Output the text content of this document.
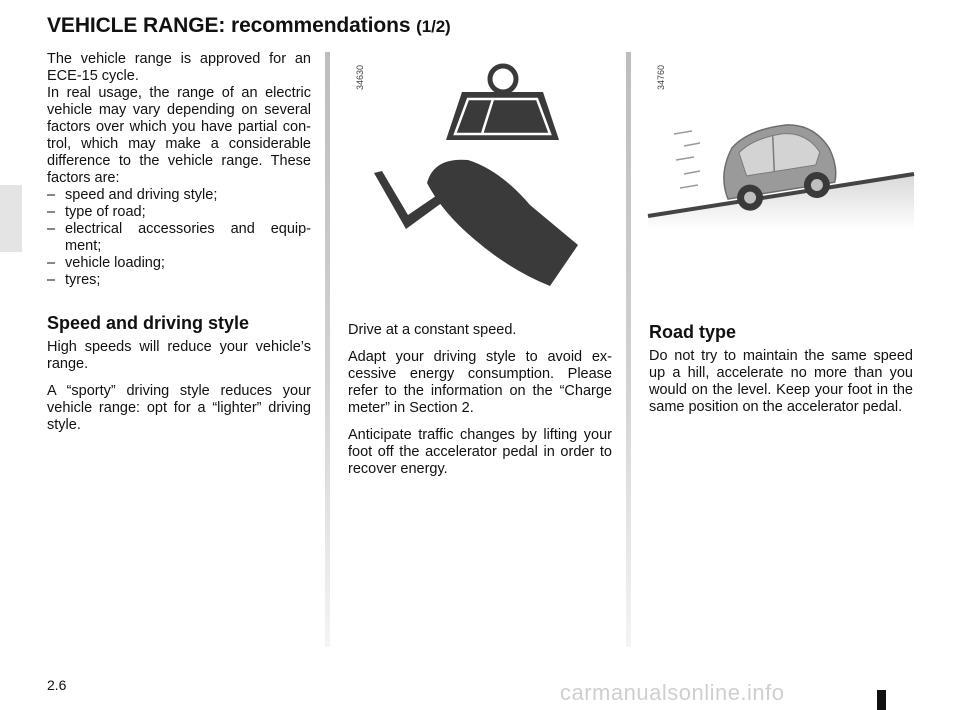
VEHICLE RANGE: recommendations (1/2)

The vehicle range is approved for an ECE-15 cycle.

In real usage, the range of an electric vehicle may vary depending on several factors over which you have partial con-trol, which may make a considerable difference to the vehicle range. These factors are:

– speed and driving style;
– type of road;
– electrical accessories and equip-ment;
– vehicle loading;
– tyres;
Speed and driving style

High speeds will reduce your vehicle’s range.

A “sporty” driving style reduces your vehicle range: opt for a “lighter” driving style.

34630
Kg

Drive at a constant speed.

Adapt your driving style to avoid ex-cessive energy consumption. Please refer to the information on the “Charge meter” in Section 2.

Anticipate traffic changes by lifting your foot off the accelerator pedal in order to recover energy.

34760
Road type

Do not try to maintain the same speed up a hill, accelerate no more than you would on the level. Keep your foot in the same position on the accelerator pedal.

2.6	carmanualsonline.info
